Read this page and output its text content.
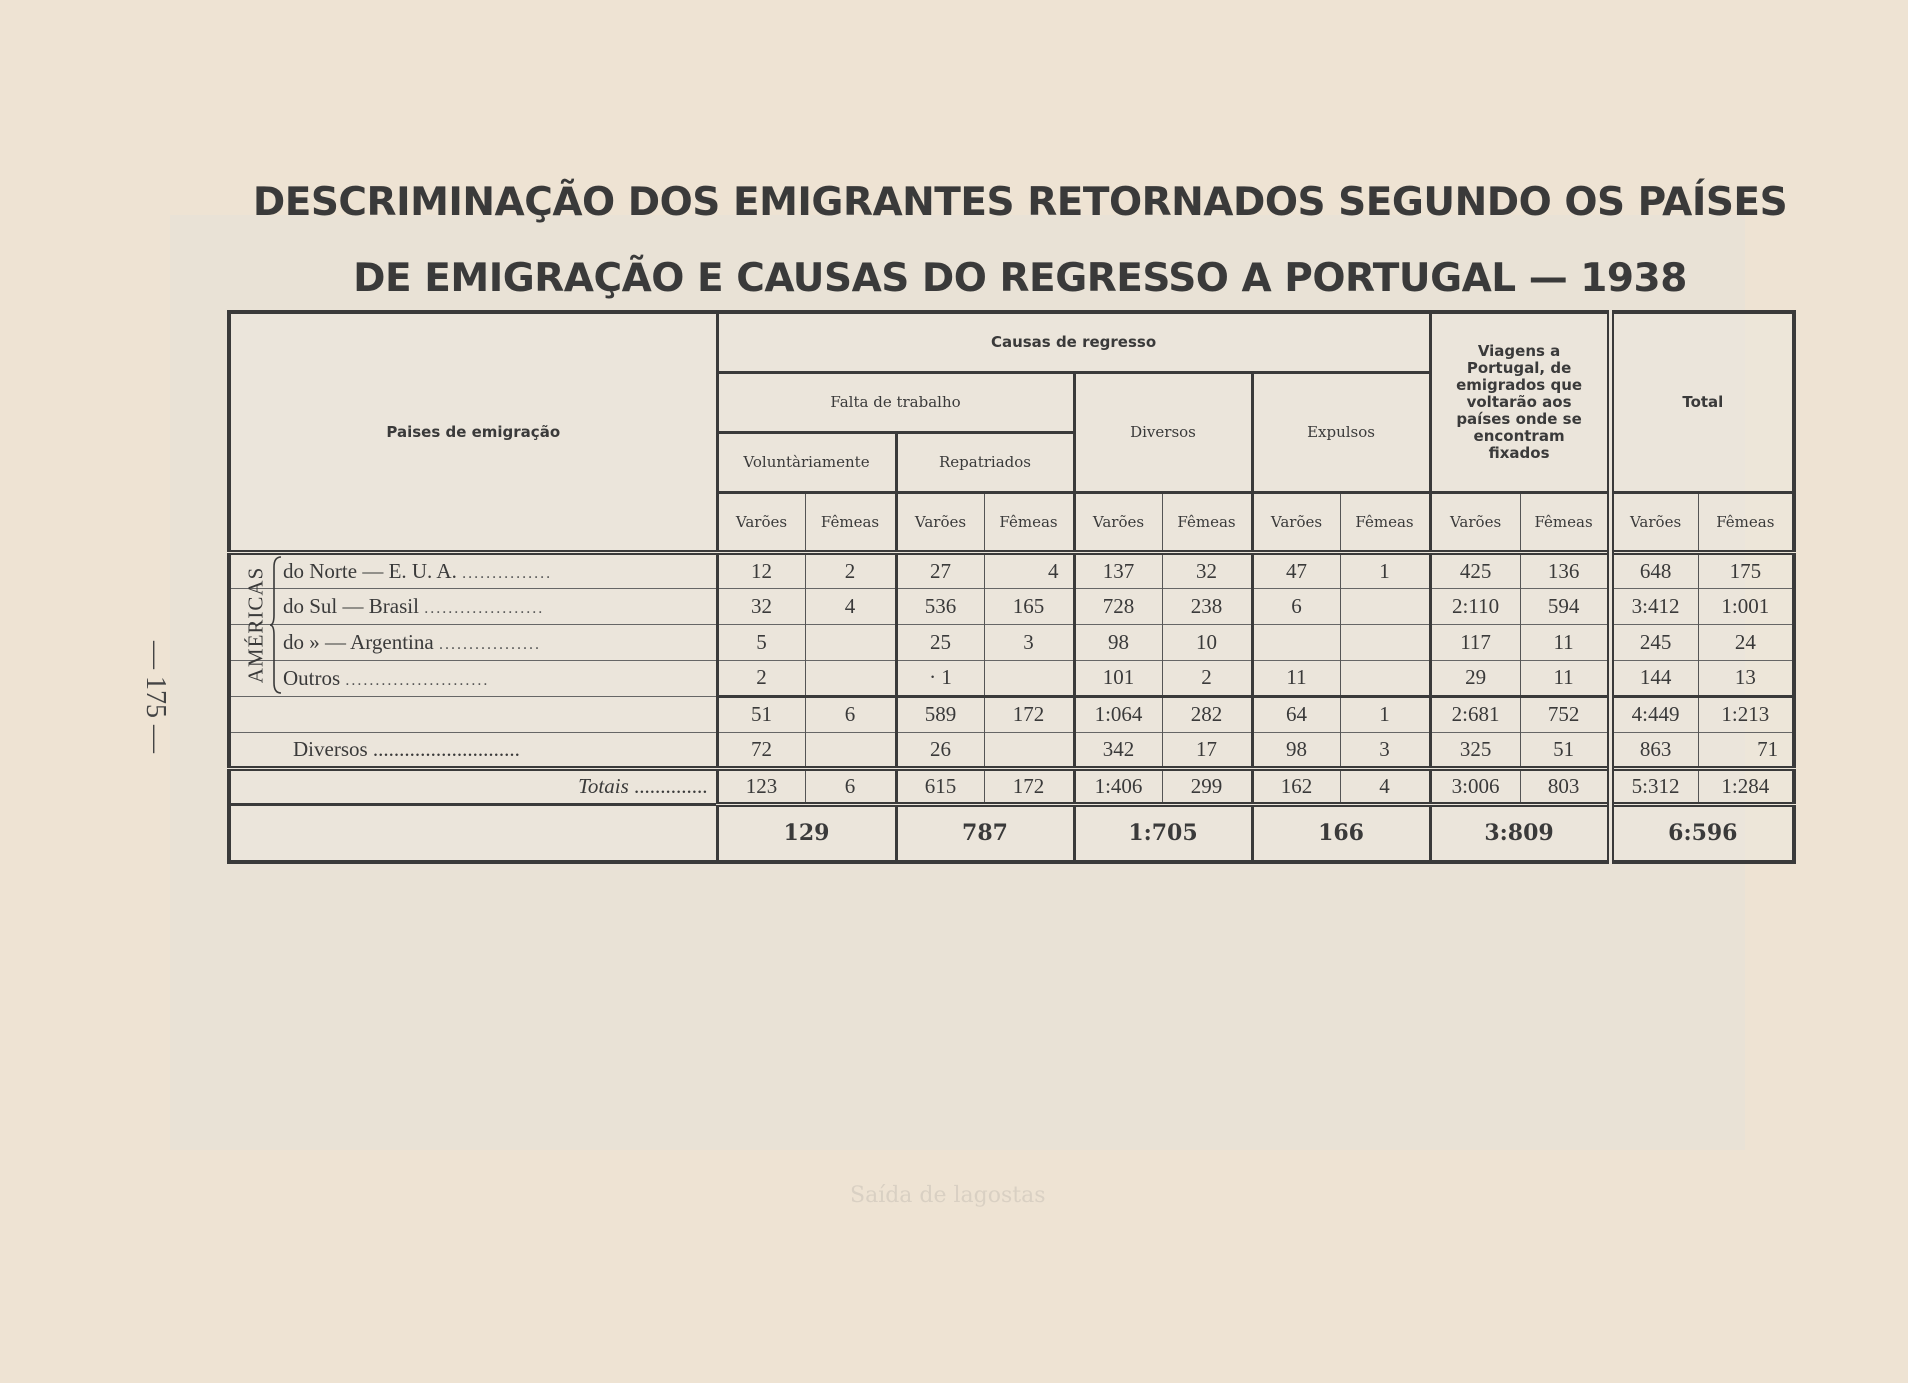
Saída de lagostas
— 175 —
DESCRIMINAÇÃO DOS EMIGRANTES RETORNADOS SEGUNDO OS PAÍSES
DE EMIGRAÇÃO E CAUSAS DO REGRESSO A PORTUGAL — 1938
Paises de emigração	Causas de regresso								Viagens a Portugal, de emigrados que voltarão aos países onde se encontram fixados		Total	
	Falta de trabalho				Diversos		Expulsos					
	Voluntàriamente		Repatriados									
	Varões	Fêmeas	Varões	Fêmeas	Varões	Fêmeas	Varões	Fêmeas	Varões	Fêmeas	Varões	Fêmeas
do Norte — E. U. A. ...............	12	2	27	4	137	32	47	1	425	136	648	175
do Sul — Brasil ....................	32	4	536	165	728	238	6		2:110	594	3:412	1:001
do » — Argentina .................	5		25	3	98	10			117	11	245	24
Outros ........................	2		· 1		101	2	11		29	11	144	13
	51	6	589	172	1:064	282	64	1	2:681	752	4:449	1:213
Diversos ............................	72		26		342	17	98	3	325	51	863	71
Totais ..............	123	6	615	172	1:406	299	162	4	3:006	803	5:312	1:284
	129		787		1:705		166		3:809		6:596	
AMÉRICAS
